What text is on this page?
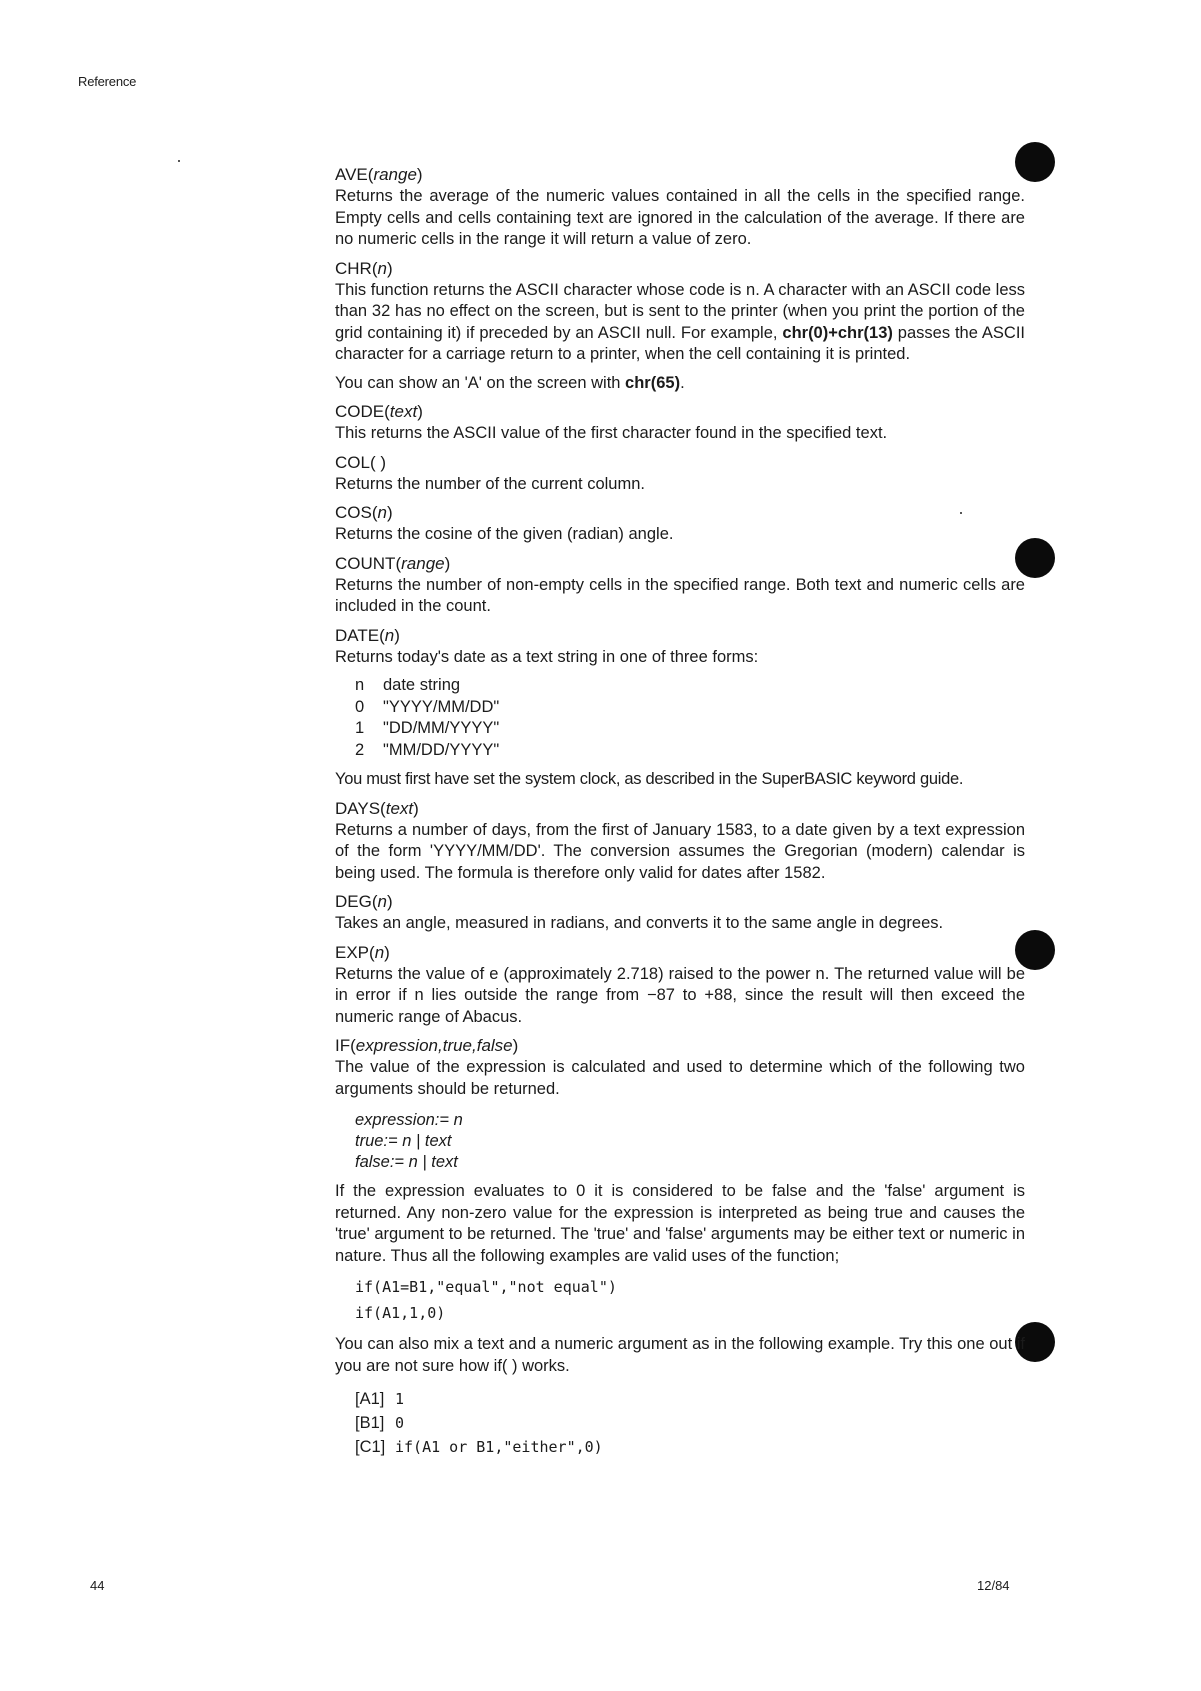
Reference
AVE(range)

Returns the average of the numeric values contained in all the cells in the specified range. Empty cells and cells containing text are ignored in the calculation of the average. If there are no numeric cells in the range it will return a value of zero.

CHR(n)

This function returns the ASCII character whose code is n. A character with an ASCII code less than 32 has no effect on the screen, but is sent to the printer (when you print the portion of the grid containing it) if preceded by an ASCII null. For example, chr(0)+chr(13) passes the ASCII character for a carriage return to a printer, when the cell containing it is printed.

You can show an 'A' on the screen with chr(65).

CODE(text)

This returns the ASCII value of the first character found in the specified text.

COL( )

Returns the number of the current column.

COS(n)

Returns the cosine of the given (radian) angle.

COUNT(range)

Returns the number of non-empty cells in the specified range. Both text and numeric cells are included in the count.

DATE(n)

Returns today's date as a text string in one of three forms:

n	date string
0	"YYYY/MM/DD"
1	"DD/MM/YYYY"
2	"MM/DD/YYYY"

You must first have set the system clock, as described in the SuperBASIC keyword guide.

DAYS(text)

Returns a number of days, from the first of January 1583, to a date given by a text expression of the form 'YYYY/MM/DD'. The conversion assumes the Gregorian (modern) calendar is being used. The formula is therefore only valid for dates after 1582.

DEG(n)

Takes an angle, measured in radians, and converts it to the same angle in degrees.

EXP(n)

Returns the value of e (approximately 2.718) raised to the power n. The returned value will be in error if n lies outside the range from −87 to +88, since the result will then exceed the numeric range of Abacus.

IF(expression,true,false)

The value of the expression is calculated and used to determine which of the following two arguments should be returned.

expression:= n
true:= n | text
false:= n | text

If the expression evaluates to 0 it is considered to be false and the 'false' argument is returned. Any non-zero value for the expression is interpreted as being true and causes the 'true' argument to be returned. The 'true' and 'false' arguments may be either text or numeric in nature. Thus all the following examples are valid uses of the function;

if(A1=B1,"equal","not equal")
if(A1,1,0)

You can also mix a text and a numeric argument as in the following example. Try this one out if you are not sure how if( ) works.

[A1] 1
[B1] 0
[C1] if(A1 or B1,"either",0)
44	12/84
